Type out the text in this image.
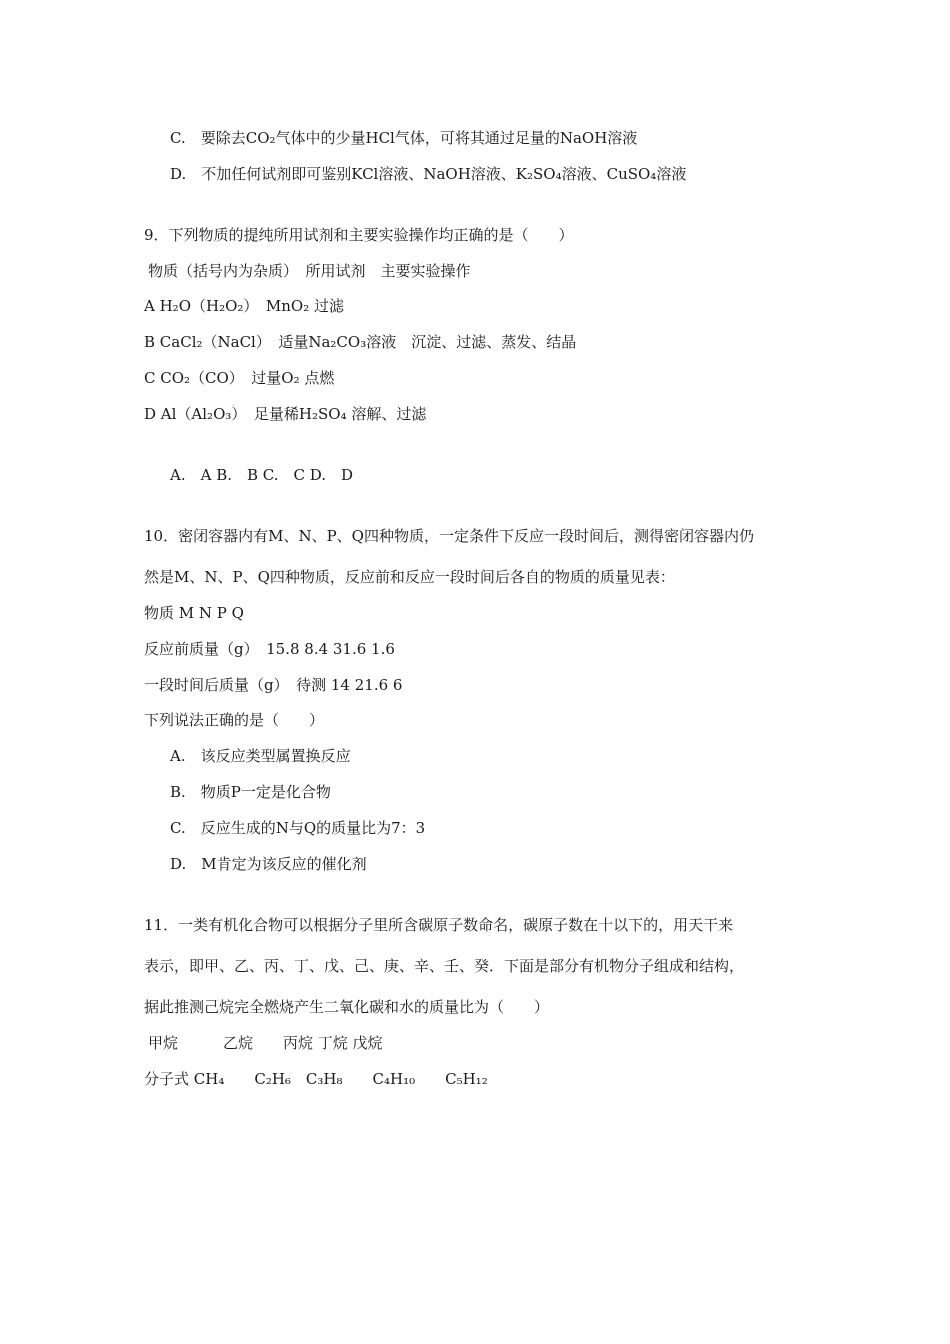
C.　要除去CO₂气体中的少量HCl气体，可将其通过足量的NaOH溶液
D.　不加任何试剂即可鉴别KCl溶液、NaOH溶液、K₂SO₄溶液、CuSO₄溶液
9．下列物质的提纯所用试剂和主要实验操作均正确的是（　　）
物质（括号内为杂质）　所用试剂　主要实验操作
A H₂O（H₂O₂）　MnO₂ 过滤
B CaCl₂（NaCl）　适量Na₂CO₃溶液　沉淀、过滤、蒸发、结晶
C CO₂（CO）　过量O₂ 点燃
D Al（Al₂O₃）　足量稀H₂SO₄ 溶解、过滤
A.　A B.　B C.　C D.　D
10．密闭容器内有M、N、P、Q四种物质，一定条件下反应一段时间后，测得密闭容器内仍
然是M、N、P、Q四种物质，反应前和反应一段时间后各自的物质的质量见表：
物质 M N P Q
反应前质量（g）　15.8 8.4 31.6 1.6
一段时间后质量（g）　待测 14 21.6 6
下列说法正确的是（　　）
A.　该反应类型属置换反应
B.　物质P一定是化合物
C.　反应生成的N与Q的质量比为7：3
D.　M肯定为该反应的催化剂
11．一类有机化合物可以根据分子里所含碳原子数命名，碳原子数在十以下的，用天干来
表示，即甲、乙、丙、丁、戊、己、庚、辛、壬、癸．下面是部分有机物分子组成和结构，
据此推测己烷完全燃烧产生二氧化碳和水的质量比为（　　）
甲烷　　　乙烷　　丙烷 丁烷 戊烷
分子式 CH₄　　C₂H₆　C₃H₈　　C₄H₁₀　　C₅H₁₂
